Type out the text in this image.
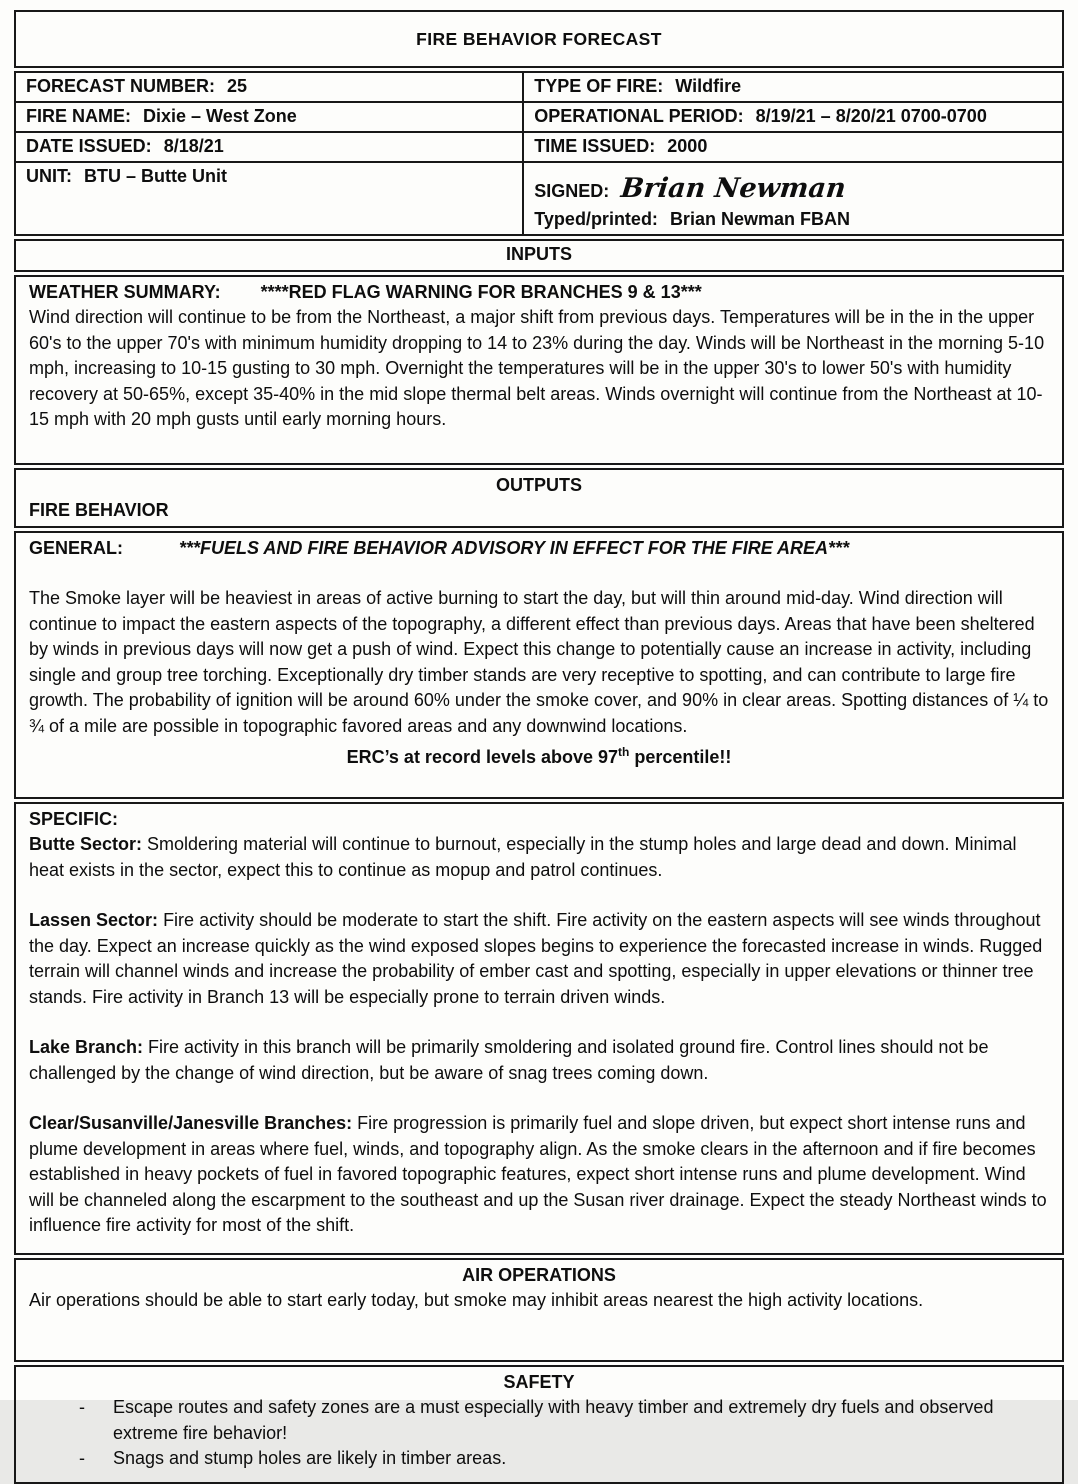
FIRE BEHAVIOR FORECAST
FORECAST NUMBER: 25	TYPE OF FIRE: Wildfire
FIRE NAME: Dixie – West Zone	OPERATIONAL PERIOD: 8/19/21 – 8/20/21 0700-0700
DATE ISSUED: 8/18/21	TIME ISSUED: 2000
UNIT: BTU – Butte Unit	SIGNED: Brian Newman
Typed/printed: Brian Newman FBAN
INPUTS
WEATHER SUMMARY: ****RED FLAG WARNING FOR BRANCHES 9 & 13***
Wind direction will continue to be from the Northeast, a major shift from previous days. Temperatures will be in the in the upper 60's to the upper 70's with minimum humidity dropping to 14 to 23% during the day. Winds will be Northeast in the morning 5-10 mph, increasing to 10-15 gusting to 30 mph. Overnight the temperatures will be in the upper 30's to lower 50's with humidity recovery at 50-65%, except 35-40% in the mid slope thermal belt areas. Winds overnight will continue from the Northeast at 10-15 mph with 20 mph gusts until early morning hours.
OUTPUTS
FIRE BEHAVIOR
GENERAL:	***FUELS AND FIRE BEHAVIOR ADVISORY IN EFFECT FOR THE FIRE AREA***
The Smoke layer will be heaviest in areas of active burning to start the day, but will thin around mid-day. Wind direction will continue to impact the eastern aspects of the topography, a different effect than previous days. Areas that have been sheltered by winds in previous days will now get a push of wind. Expect this change to potentially cause an increase in activity, including single and group tree torching. Exceptionally dry timber stands are very receptive to spotting, and can contribute to large fire growth. The probability of ignition will be around 60% under the smoke cover, and 90% in clear areas. Spotting distances of ¼ to ¾ of a mile are possible in topographic favored areas and any downwind locations.
ERC’s at record levels above 97th percentile!!
SPECIFIC:
Butte Sector: Smoldering material will continue to burnout, especially in the stump holes and large dead and down. Minimal heat exists in the sector, expect this to continue as mopup and patrol continues.
Lassen Sector: Fire activity should be moderate to start the shift. Fire activity on the eastern aspects will see winds throughout the day. Expect an increase quickly as the wind exposed slopes begins to experience the forecasted increase in winds. Rugged terrain will channel winds and increase the probability of ember cast and spotting, especially in upper elevations or thinner tree stands. Fire activity in Branch 13 will be especially prone to terrain driven winds.
Lake Branch: Fire activity in this branch will be primarily smoldering and isolated ground fire. Control lines should not be challenged by the change of wind direction, but be aware of snag trees coming down.
Clear/Susanville/Janesville Branches: Fire progression is primarily fuel and slope driven, but expect short intense runs and plume development in areas where fuel, winds, and topography align. As the smoke clears in the afternoon and if fire becomes established in heavy pockets of fuel in favored topographic features, expect short intense runs and plume development. Wind will be channeled along the escarpment to the southeast and up the Susan river drainage. Expect the steady Northeast winds to influence fire activity for most of the shift.
AIR OPERATIONS
Air operations should be able to start early today, but smoke may inhibit areas nearest the high activity locations.
SAFETY
-	Escape routes and safety zones are a must especially with heavy timber and extremely dry fuels and observed extreme fire behavior!
-	Snags and stump holes are likely in timber areas.
